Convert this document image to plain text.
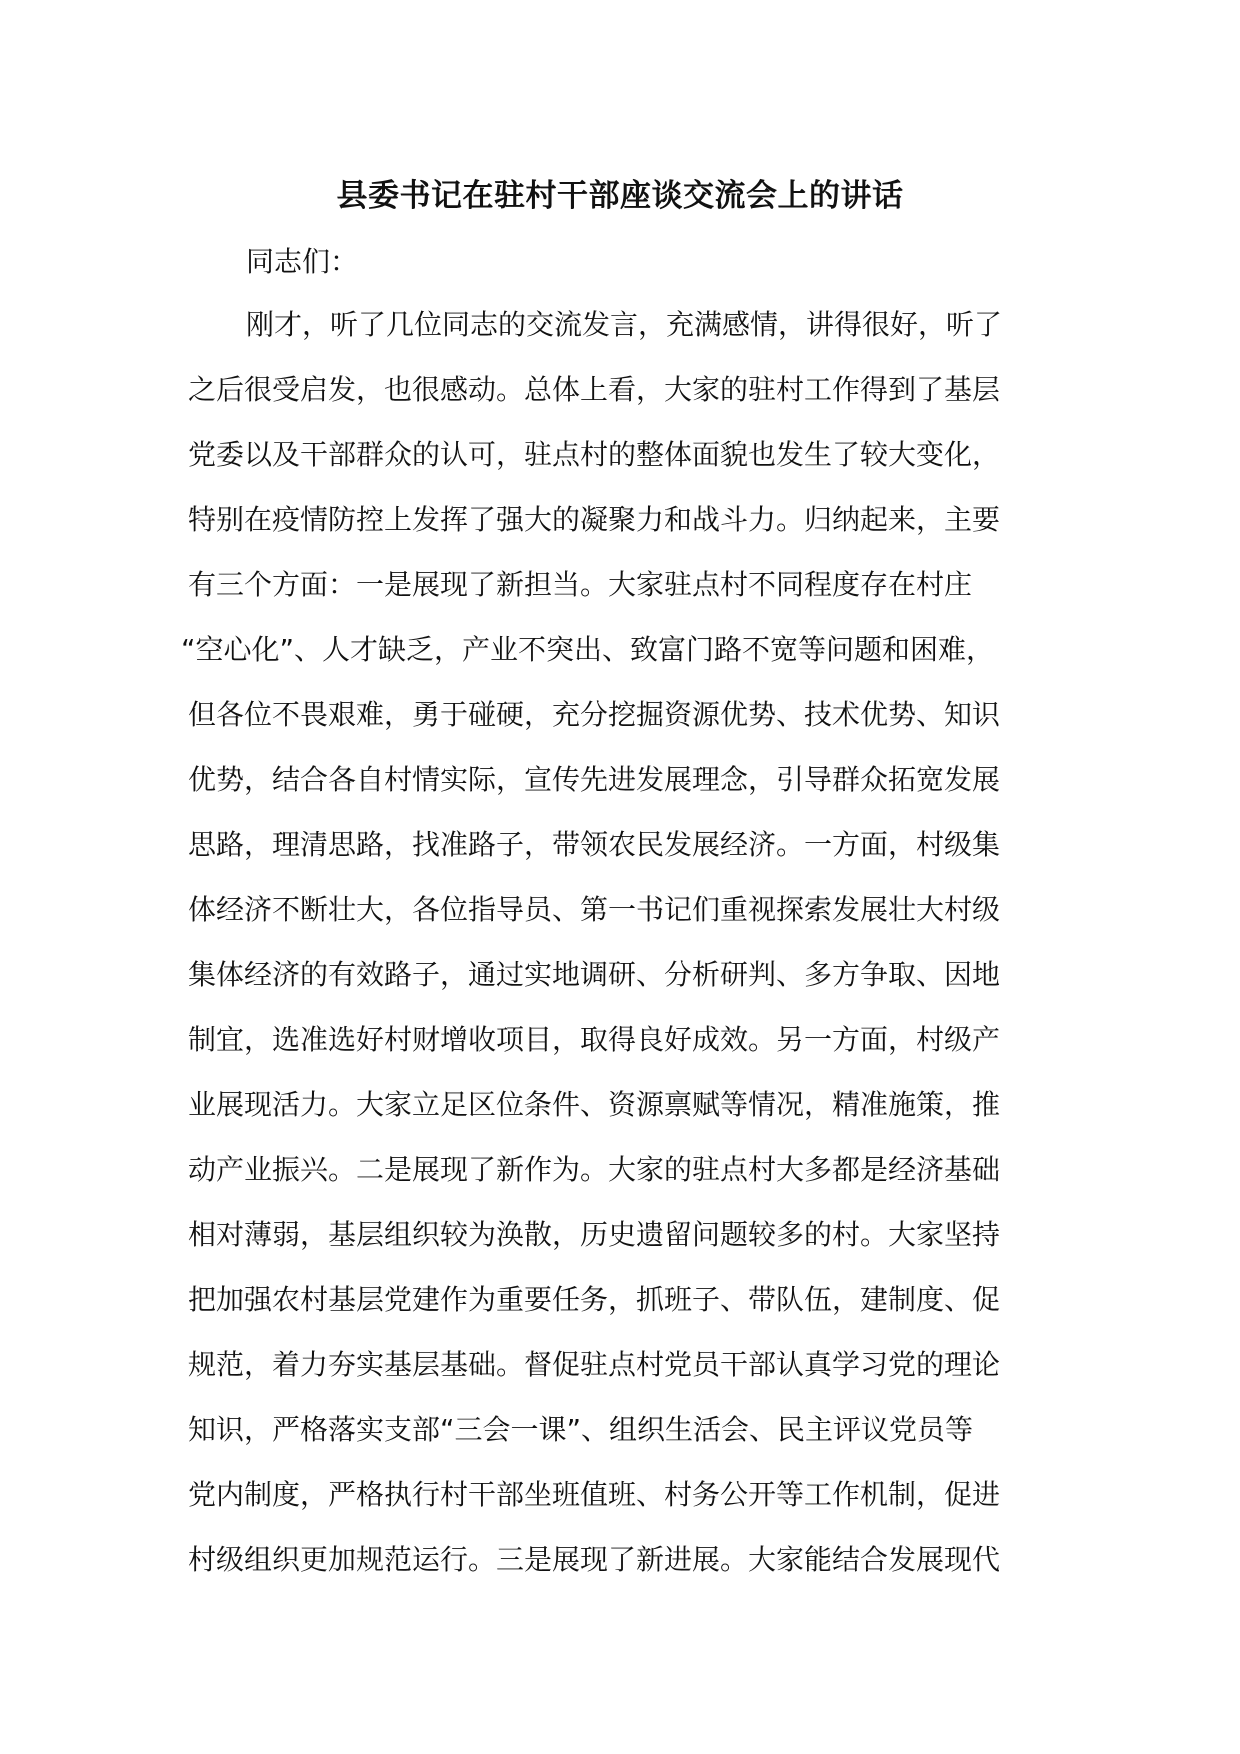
县委书记在驻村干部座谈交流会上的讲话
同志们：
刚才，听了几位同志的交流发言，充满感情，讲得很好，听了
之后很受启发，也很感动。总体上看，大家的驻村工作得到了基层
党委以及干部群众的认可，驻点村的整体面貌也发生了较大变化，
特别在疫情防控上发挥了强大的凝聚力和战斗力。归纳起来，主要
有三个方面：一是展现了新担当。大家驻点村不同程度存在村庄
“空心化”、人才缺乏，产业不突出、致富门路不宽等问题和困难，
但各位不畏艰难，勇于碰硬，充分挖掘资源优势、技术优势、知识
优势，结合各自村情实际，宣传先进发展理念，引导群众拓宽发展
思路，理清思路，找准路子，带领农民发展经济。一方面，村级集
体经济不断壮大，各位指导员、第一书记们重视探索发展壮大村级
集体经济的有效路子，通过实地调研、分析研判、多方争取、因地
制宜，选准选好村财增收项目，取得良好成效。另一方面，村级产
业展现活力。大家立足区位条件、资源禀赋等情况，精准施策，推
动产业振兴。二是展现了新作为。大家的驻点村大多都是经济基础
相对薄弱，基层组织较为涣散，历史遗留问题较多的村。大家坚持
把加强农村基层党建作为重要任务，抓班子、带队伍，建制度、促
规范，着力夯实基层基础。督促驻点村党员干部认真学习党的理论
知识，严格落实支部“三会一课”、组织生活会、民主评议党员等
党内制度，严格执行村干部坐班值班、村务公开等工作机制，促进
村级组织更加规范运行。三是展现了新进展。大家能结合发展现代
